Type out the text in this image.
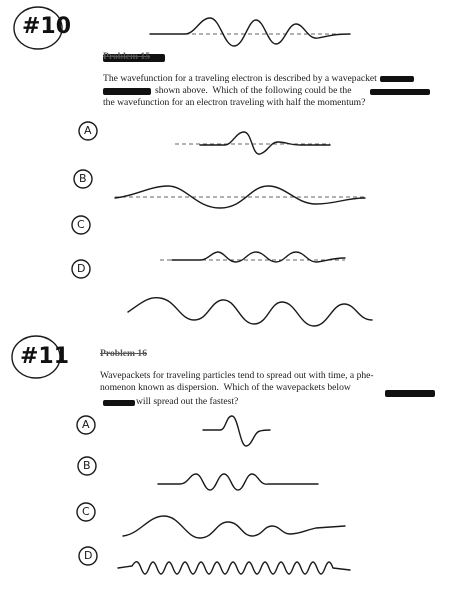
#10
Problem 15
The wavefunction for a traveling electron is described by a wavepacket
shown above.  Which of the following could be the
the wavefunction for an electron traveling with half the momentum?
A
B
C
D
#11	Problem 16
Wavepackets for traveling particles tend to spread out with time, a phe-
nomenon known as dispersion.  Which of the wavepackets below
will spread out the fastest?
A
B
C
D
